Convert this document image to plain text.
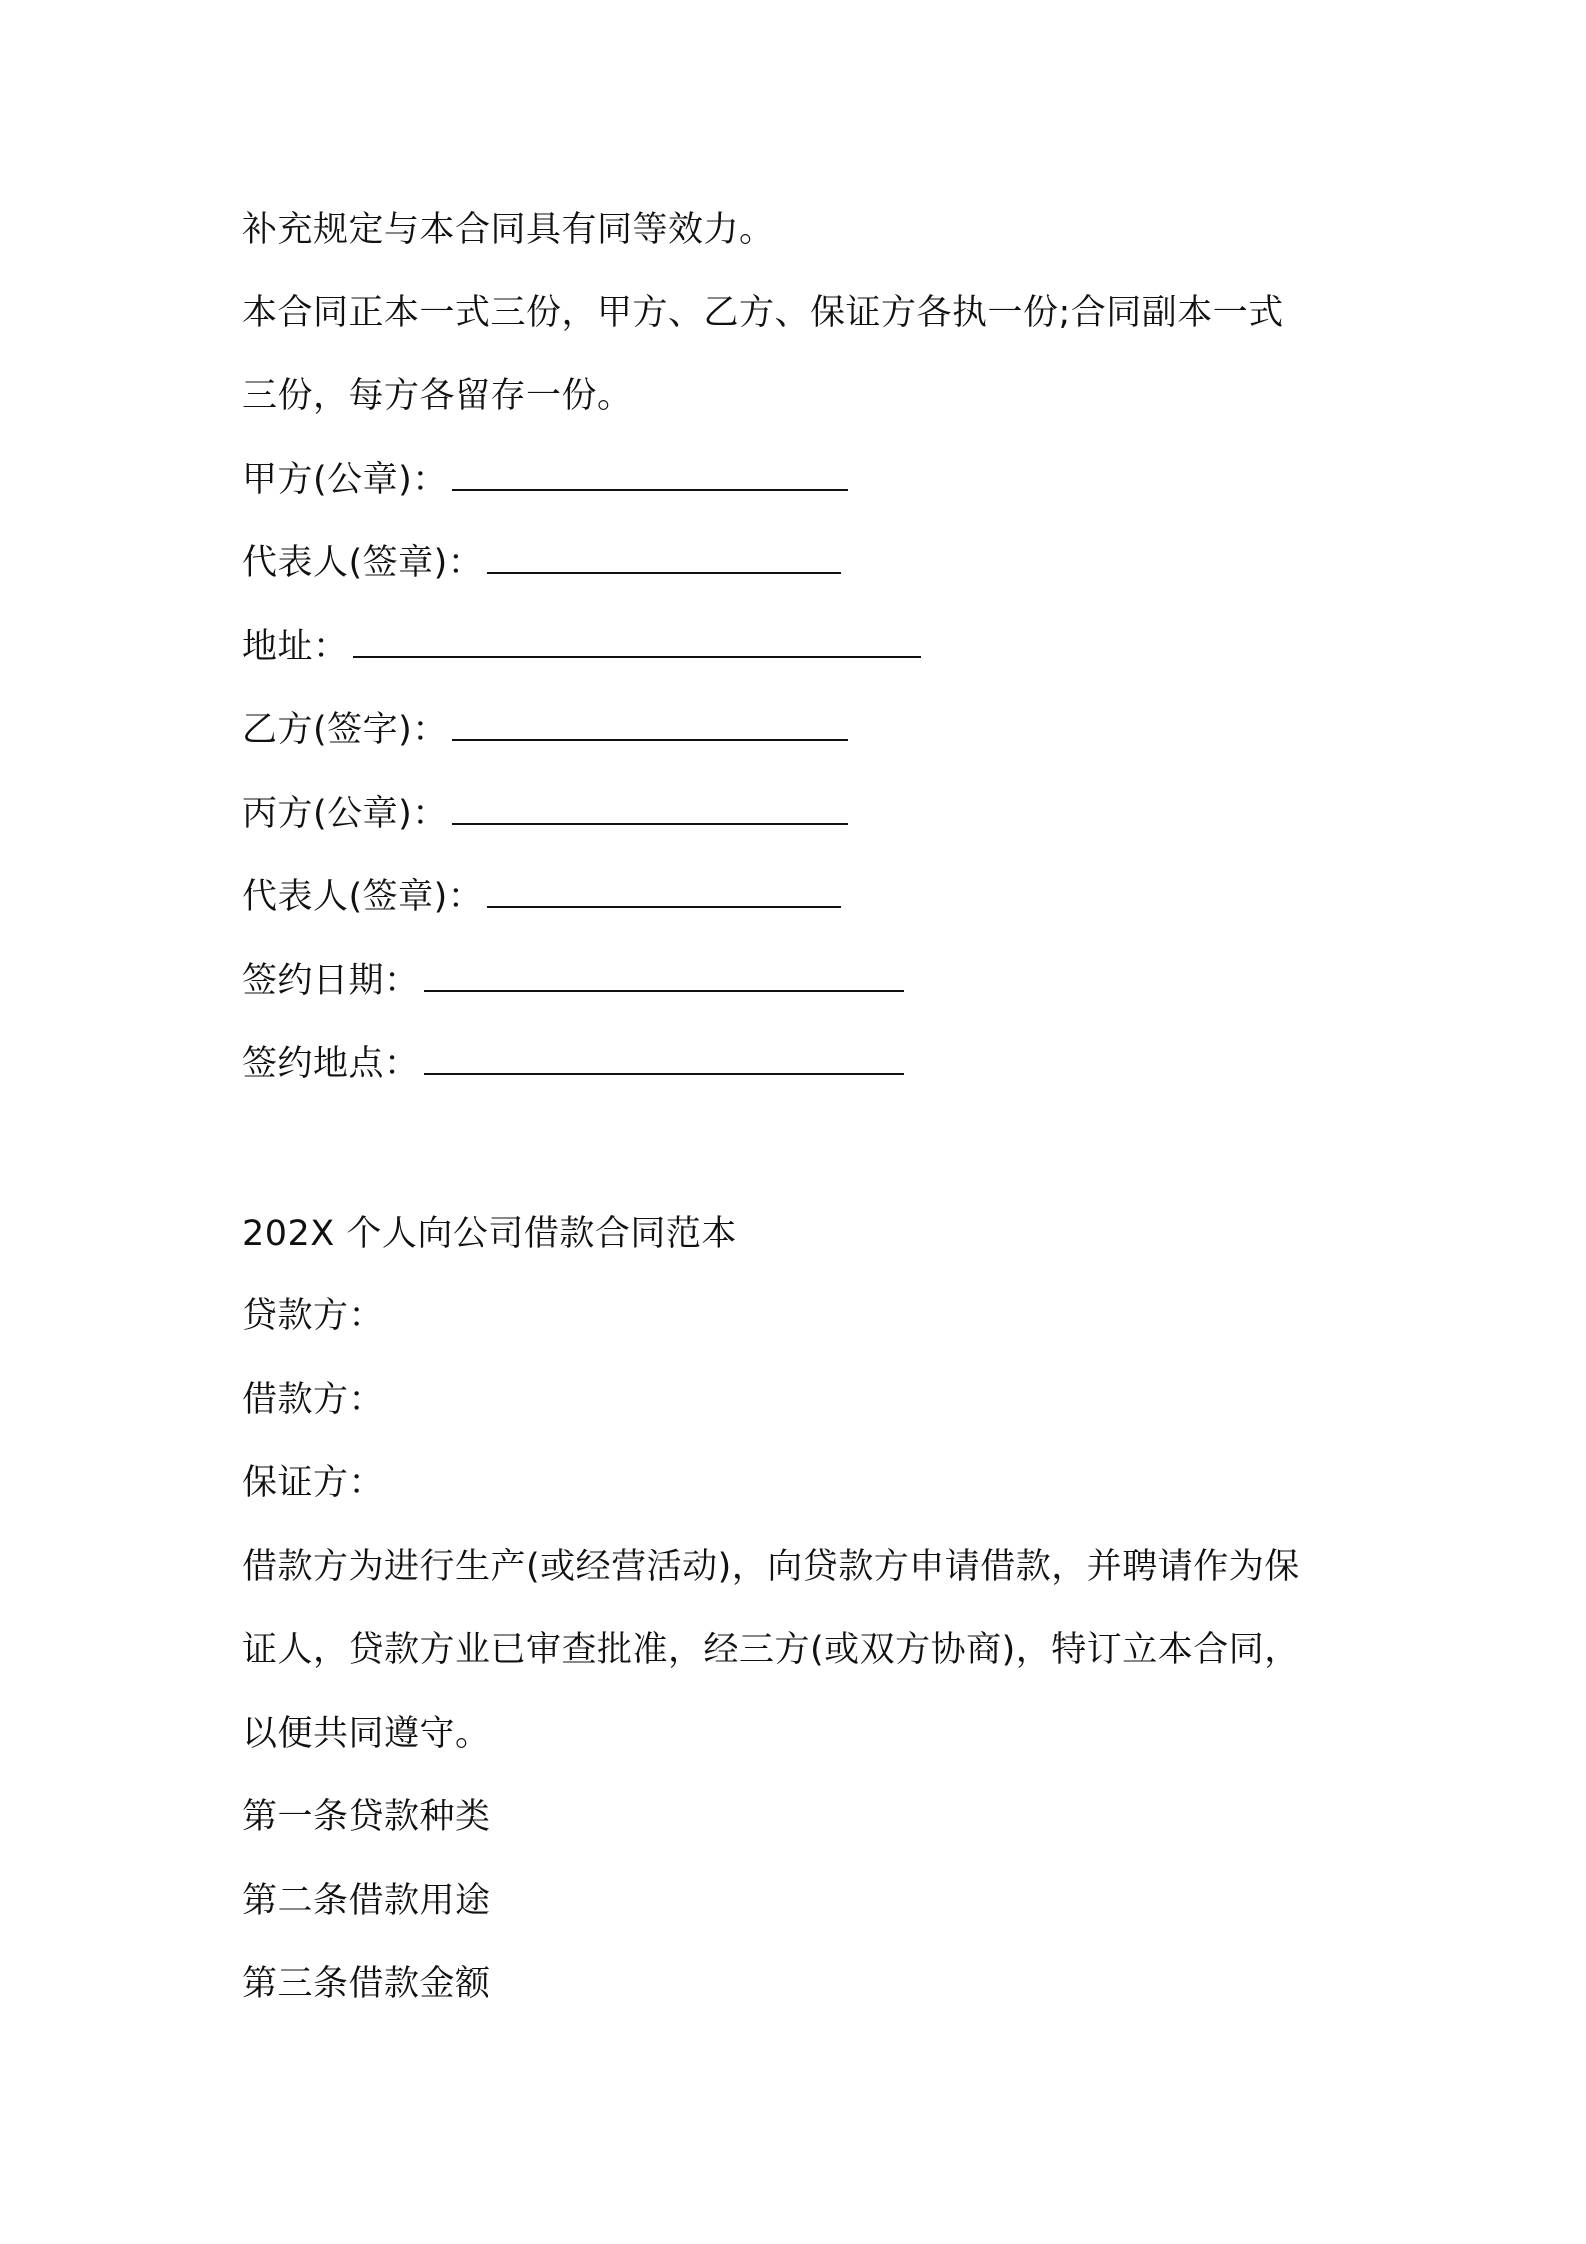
补充规定与本合同具有同等效力。
本合同正本一式三份，甲方、乙方、保证方各执一份;合同副本一式
三份，每方各留存一份。
甲方(公章)：
代表人(签章)：
地址：
乙方(签字)：
丙方(公章)：
代表人(签章)：
签约日期：
签约地点：
202X 个人向公司借款合同范本
贷款方：
借款方：
保证方：
借款方为进行生产(或经营活动)，向贷款方申请借款，并聘请作为保
证人，贷款方业已审查批准，经三方(或双方协商)，特订立本合同，
以便共同遵守。
第一条贷款种类
第二条借款用途
第三条借款金额
